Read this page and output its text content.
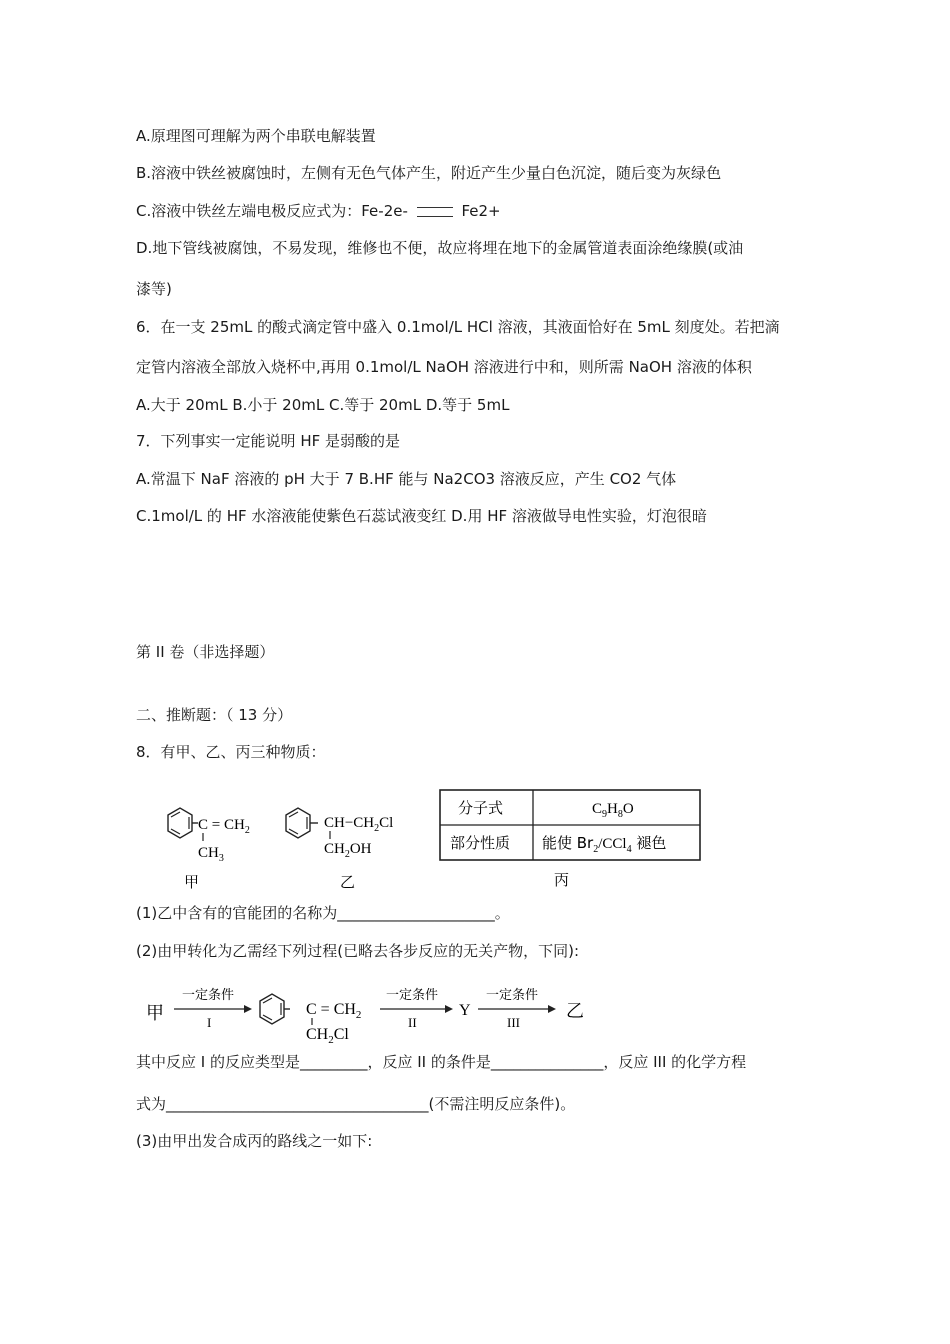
A.原理图可理解为两个串联电解装置
B.溶液中铁丝被腐蚀时，左侧有无色气体产生，附近产生少量白色沉淀，随后变为灰绿色
C.溶液中铁丝左端电极反应式为：Fe-2e-	Fe2+
D.地下管线被腐蚀，不易发现，维修也不便，故应将埋在地下的金属管道表面涂绝缘膜(或油
漆等)
6．在一支 25mL 的酸式滴定管中盛入 0.1mol/L HCl 溶液，其液面恰好在 5mL 刻度处。若把滴
定管内溶液全部放入烧杯中,再用 0.1mol/L NaOH 溶液进行中和，则所需 NaOH 溶液的体积
A.大于 20mL B.小于 20mL C.等于 20mL D.等于 5mL
7．下列事实一定能说明 HF 是弱酸的是
A.常温下 NaF 溶液的 pH 大于 7 B.HF 能与 Na2CO3 溶液反应，产生 CO2 气体
C.1mol/L 的 HF 水溶液能使紫色石蕊试液变红 D.用 HF 溶液做导电性实验，灯泡很暗
第 II 卷（非选择题）
二、推断题：（ 13 分）
8．有甲、乙、丙三种物质：
$C = CH_2$
$CH_3$
甲
$CH-CH_2Cl$
$CH_2OH$
乙
分子式	$C_9H_8O$
部分性质 能使 $Br_2/CCl_4$ 褪色
丙
(1)乙中含有的官能团的名称为_____________________。
(2)由甲转化为乙需经下列过程(已略去各步反应的无关产物，下同):
甲
一定条件
I
$C = CH_2$
$CH_2Cl$
一定条件
II
Y
一定条件
III
乙
其中反应 I 的反应类型是_________，反应 II 的条件是_______________，反应 III 的化学方程
式为___________________________________(不需注明反应条件)。
(3)由甲出发合成丙的路线之一如下:
